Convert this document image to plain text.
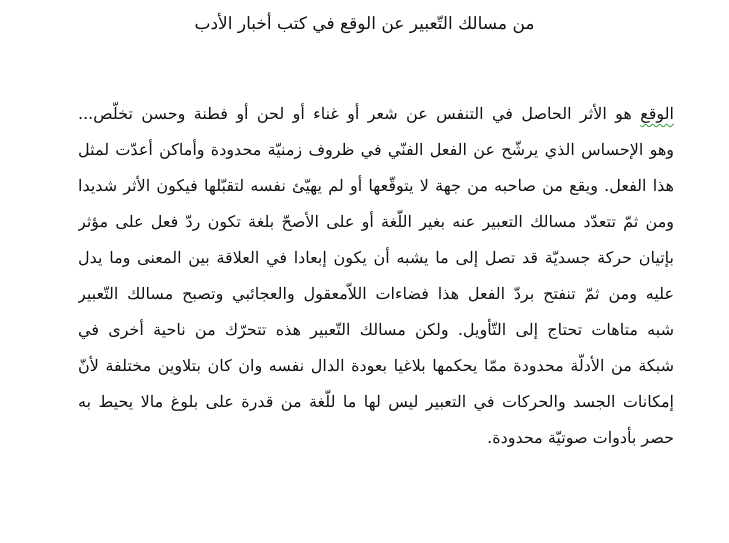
من مسالك التّعبير عن الوقع في كتب أخبار الأدب
الوقع هو الأثر الحاصل في التنفس عن شعر أو غناء أو لحن أو فطنة وحسن تخلّص...
وهو الإحساس الذي يرشّح عن الفعل الفنّي في ظروف زمنيّة محدودة وأماكن أعدّت لمثل
هذا الفعل. ويقع من صاحبه من جهة لا يتوقّعها أو لم يهيّئ نفسه لتقبّلها فيكون الأثر شديدا
ومن ثمّ تتعدّد مسالك التعبير عنه بغير اللّغة أو على الأصحّ بلغة تكون ردّ فعل على مؤثر
بإتيان حركة جسديّة قد تصل إلى ما يشبه أن يكون إبعادا في العلاقة بين المعنى وما يدل
عليه ومن ثمّ تنفتح بردّ الفعل هذا فضاءات اللاّمعقول والعجائبي وتصبح مسالك التّعبير
شبه متاهات تحتاج إلى التّأويل. ولكن مسالك التّعبير هذه تتحرّك من ناحية أخرى في
شبكة من الأدلّة محدودة ممّا يحكمها بلاغيا بعودة الدال نفسه وان كان بتلاوين مختلفة لأنّ
إمكانات الجسد والحركات في التعبير ليس لها ما للّغة من قدرة على بلوغ مالا يحيط به
حصر بأدوات صوتيّة محدودة.
